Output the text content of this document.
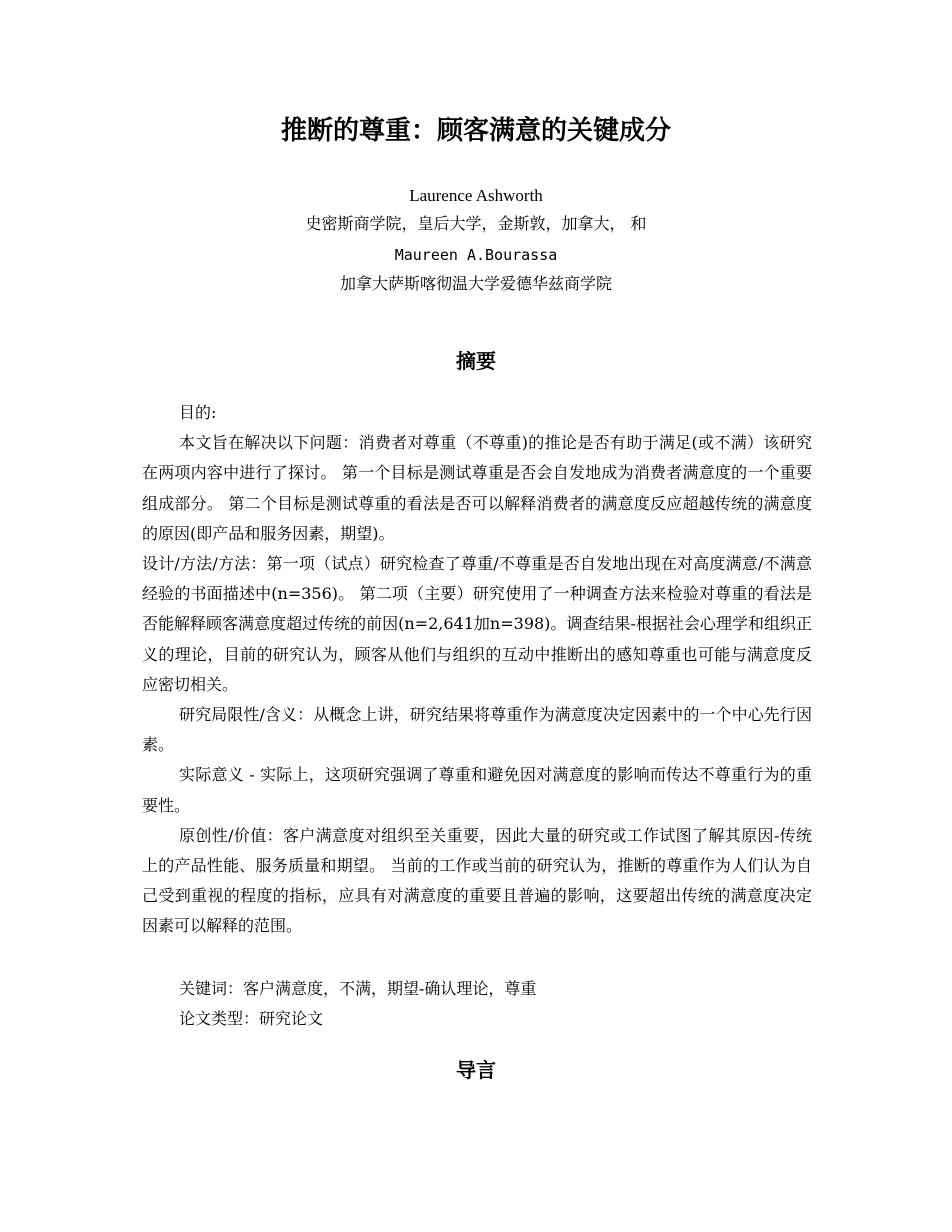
推断的尊重：顾客满意的关键成分
Laurence Ashworth
史密斯商学院，皇后大学，金斯敦，加拿大， 和
Maureen A.Bourassa
加拿大萨斯喀彻温大学爱德华兹商学院
摘要

目的:

本文旨在解决以下问题：消费者对尊重（不尊重)的推论是否有助于满足(或不满）该研究在两项内容中进行了探讨。 第一个目标是测试尊重是否会自发地成为消费者满意度的一个重要组成部分。 第二个目标是测试尊重的看法是否可以解释消费者的满意度反应超越传统的满意度的原因(即产品和服务因素，期望)。

设计/方法/方法：第一项（试点）研究检查了尊重/不尊重是否自发地出现在对高度满意/不满意经验的书面描述中(n=356)。 第二项（主要）研究使用了一种调查方法来检验对尊重的看法是否能解释顾客满意度超过传统的前因(n=2,641加n=398)。调查结果-根据社会心理学和组织正义的理论，目前的研究认为，顾客从他们与组织的互动中推断出的感知尊重也可能与满意度反应密切相关。

研究局限性/含义：从概念上讲，研究结果将尊重作为满意度决定因素中的一个中心先行因素。

实际意义 - 实际上，这项研究强调了尊重和避免因对满意度的影响而传达不尊重行为的重要性。

原创性/价值：客户满意度对组织至关重要，因此大量的研究或工作试图了解其原因-传统上的产品性能、服务质量和期望。 当前的工作或当前的研究认为，推断的尊重作为人们认为自己受到重视的程度的指标，应具有对满意度的重要且普遍的影响，这要超出传统的满意度决定因素可以解释的范围。

关键词：客户满意度，不满，期望-确认理论，尊重

论文类型：研究论文

导言
